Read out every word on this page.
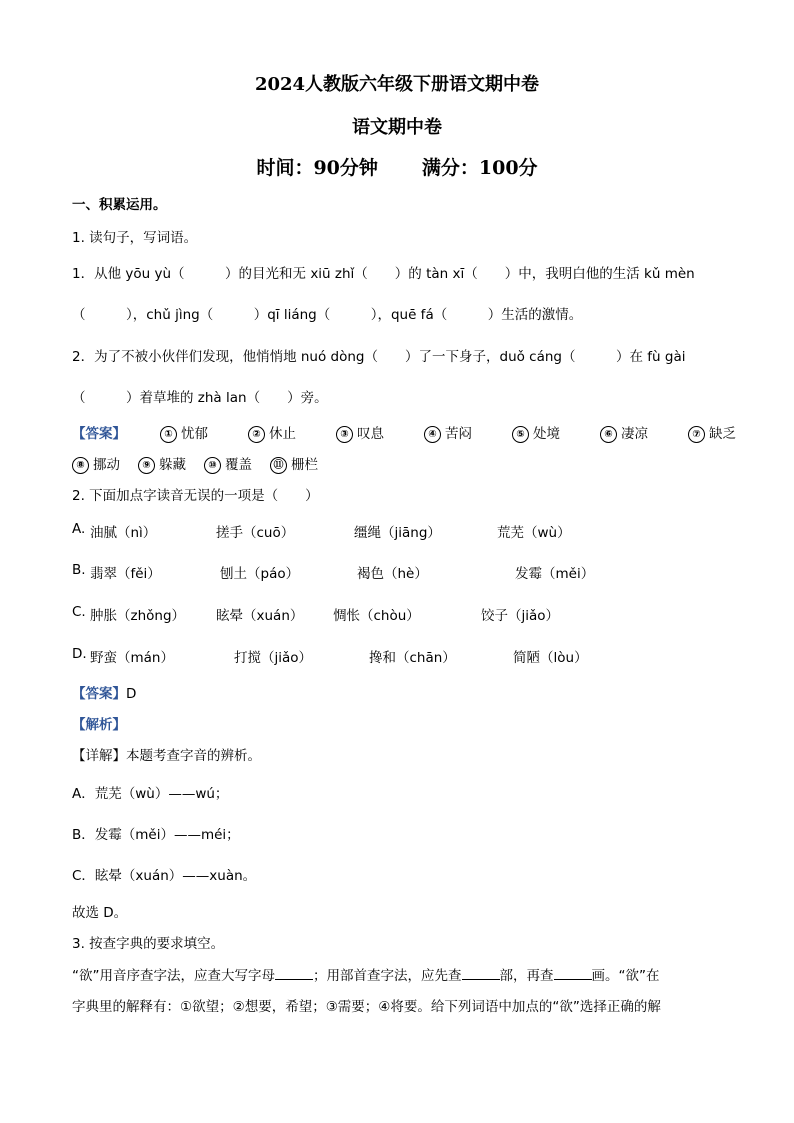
2024人教版六年级下册语文期中卷
语文期中卷
时间：90分钟 满分：100分
一、积累运用。
1. 读句子，写词语。
1．从他 yōu yù（　　　）的目光和无 xiū zhǐ（　　）的 tàn xī（　　）中，我明白他的生活 kǔ mèn
（　　　），chǔ jìng（　　　）qī liáng（　　　），quē fá（　　　）生活的激情。
2．为了不被小伙伴们发现，他悄悄地 nuó dòng（　　）了一下身子，duǒ cáng（　　　）在 fù gài
（　　　）着草堆的 zhà lan（　　）旁。
【答案】	① 忧郁	② 休止	③ 叹息	④ 苦闷	⑤ 处境	⑥ 凄凉	⑦ 缺乏
⑧ 挪动 ⑨ 躲藏 ⑩ 覆盖 ⑪ 栅栏
2. 下面加点字读音无误的一项是（　　）
A. 油腻（nì）	搓手（cuō）	缰绳（jiāng）	荒芜（wù）
B. 翡翠（fěi）	刨土（páo）	褐色（hè）	发霉（měi）
C. 肿胀（zhǒng） 眩晕（xuán） 惆怅（chòu）	饺子（jiǎo）
D. 野蛮（mán）	打搅（jiǎo）	搀和（chān）	简陋（lòu）
【答案】D
【解析】
【详解】本题考查字音的辨析。
A．荒芜（wù）——wú；
B．发霉（měi）——méi；
C．眩晕（xuán）——xuàn。
故选 D。
3. 按查字典的要求填空。
“欲”用音序查字法，应查大写字母	；用部首查字法，应先查	部，再查	画。“欲”在
字典里的解释有：①欲望；②想要，希望；③需要；④将要。给下列词语中加点的“欲”选择正确的解
